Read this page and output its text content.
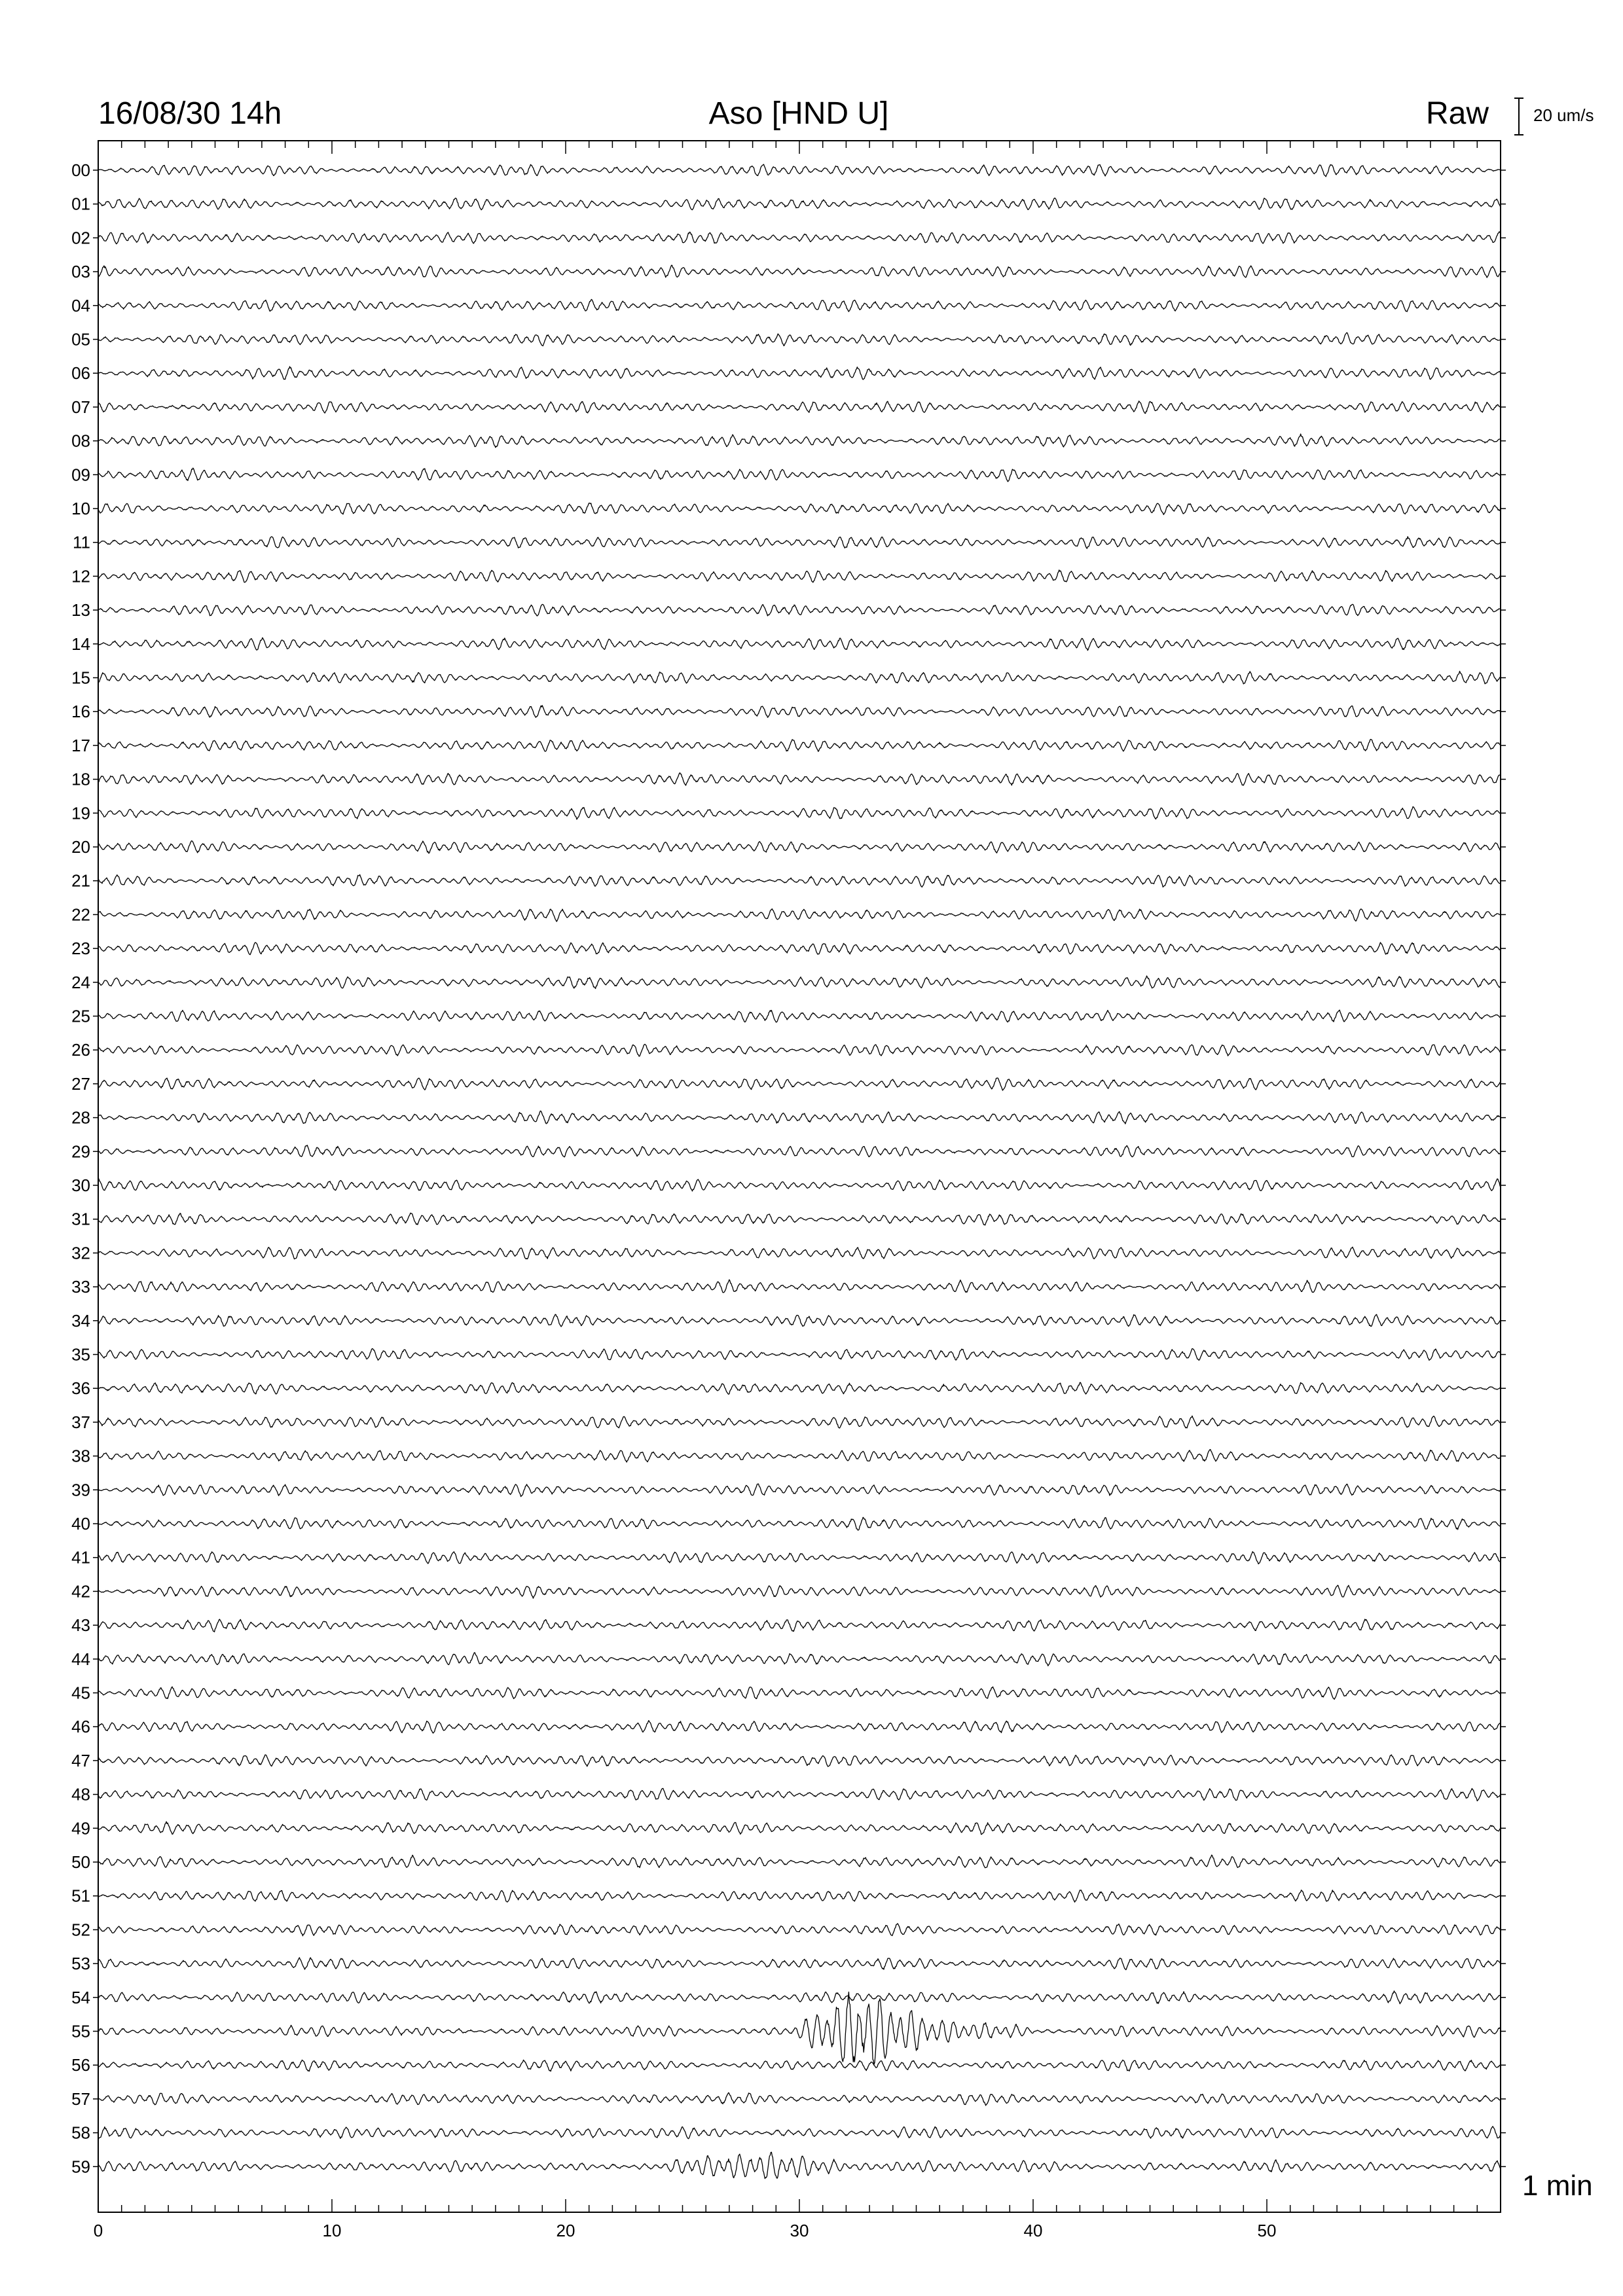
0	10	20	30	40	50
00
01
02
03
04
05
06
07
08
09
10
11
12
13
14
15
16
17
18
19
20
21
22
23
24
25
26
27
28
29
30
31
32
33
34
35
36
37
38
39
40
41
42
43
44
45
46
47
48
49
50
51
52
53
54
55
56
57
58
59
16/08/30 14h	Aso [HND U]	Raw	20 um/s
1 min
